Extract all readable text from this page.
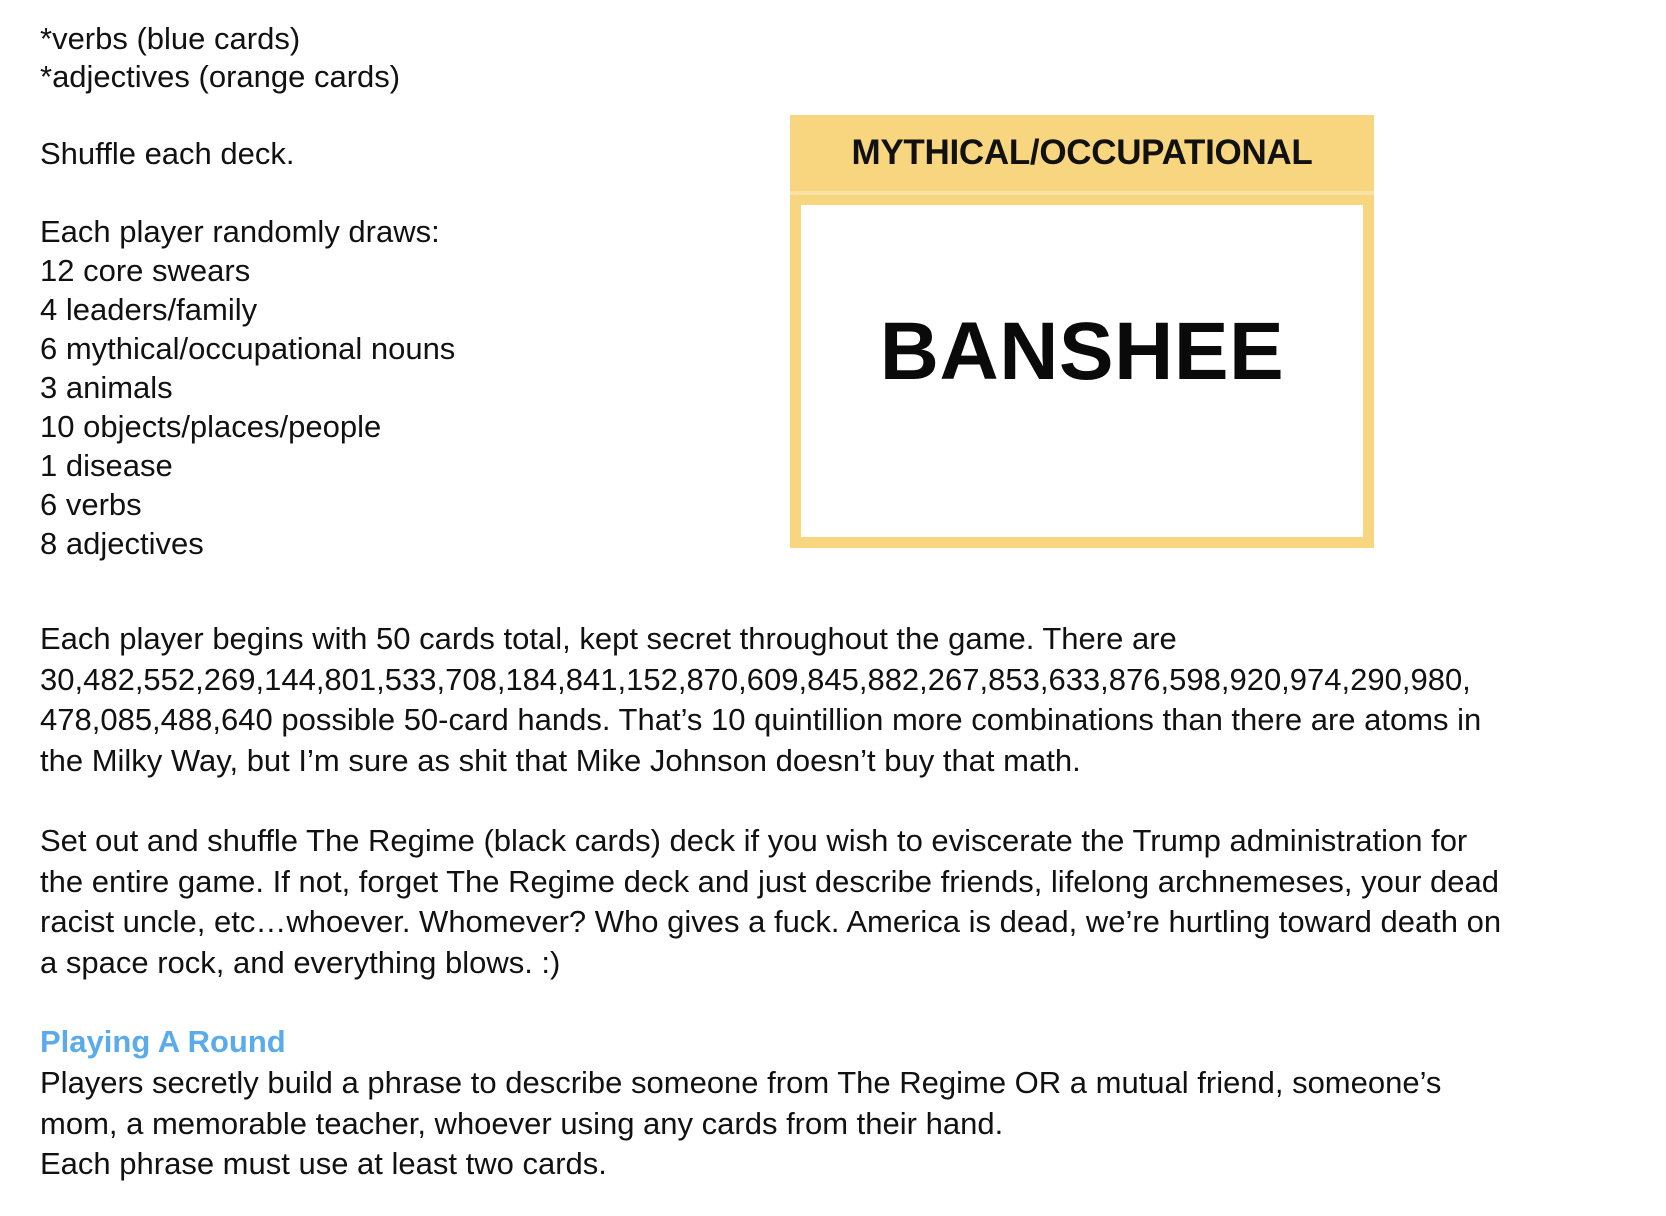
*verbs (blue cards)

*adjectives (orange cards)

Shuffle each deck.

Each player randomly draws:

12 core swears

4 leaders/family

6 mythical/occupational nouns

3 animals

10 objects/places/people

1 disease

6 verbs

8 adjectives

MYTHICAL/OCCUPATIONAL
BANSHEE
Each player begins with 50 cards total, kept secret throughout the game. There are
30,482,552,269,144,801,533,708,184,841,152,870,609,845,882,267,853,633,876,598,920,974,290,980,
478,085,488,640 possible 50-card hands. That’s 10 quintillion more combinations than there are atoms in
the Milky Way, but I’m sure as shit that Mike Johnson doesn’t buy that math.
Set out and shuffle The Regime (black cards) deck if you wish to eviscerate the Trump administration for
the entire game. If not, forget The Regime deck and just describe friends, lifelong archnemeses, your dead
racist uncle, etc…whoever. Whomever? Who gives a fuck. America is dead, we’re hurtling toward death on
a space rock, and everything blows. :)
Playing A Round
Players secretly build a phrase to describe someone from The Regime OR a mutual friend, someone’s
mom, a memorable teacher, whoever using any cards from their hand.
Each phrase must use at least two cards.
